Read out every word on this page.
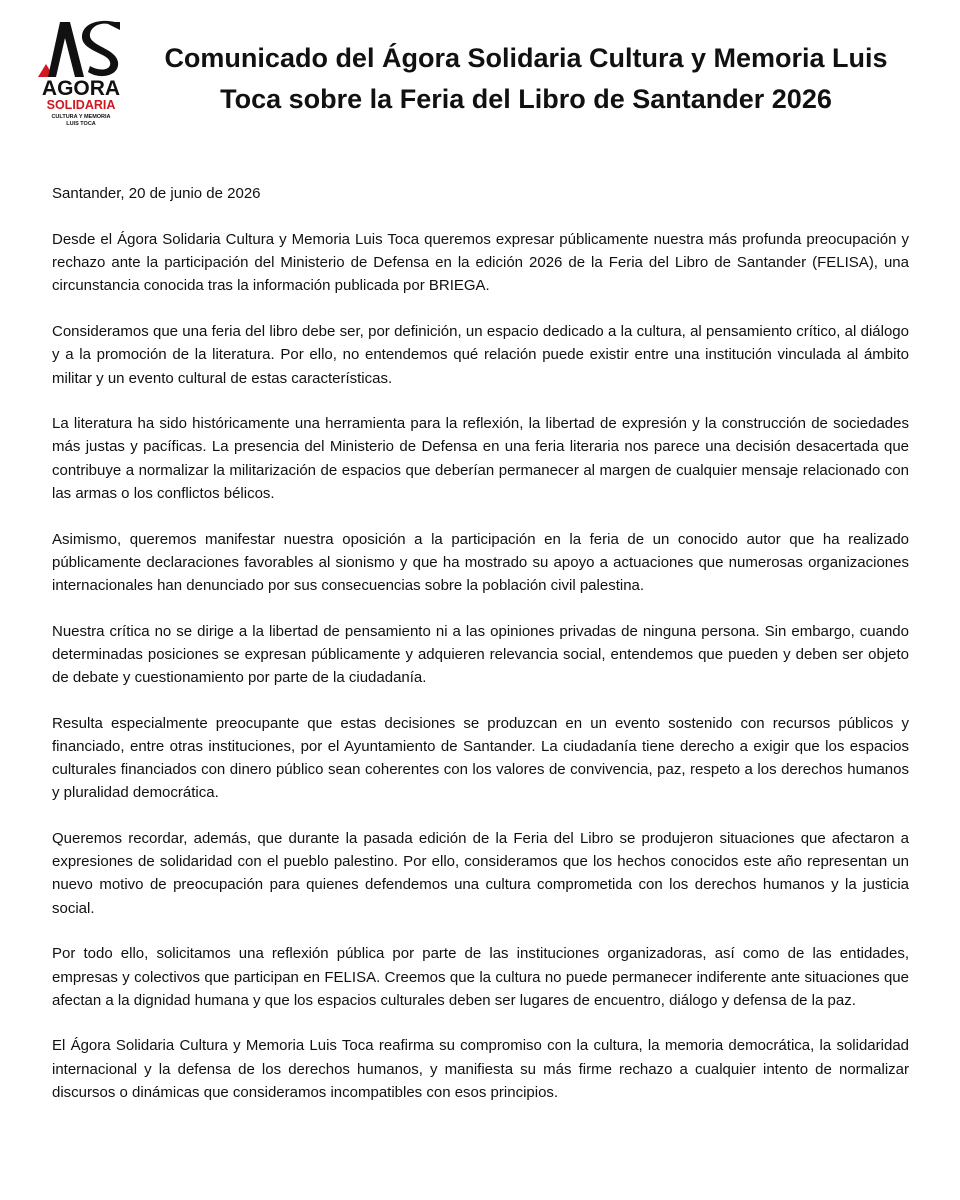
AGORA
SOLIDARIA
CULTURA Y MEMORIA
LUIS TOCA
Comunicado del Ágora Solidaria Cultura y Memoria Luis Toca sobre la Feria del Libro de Santander 2026

Santander, 20 de junio de 2026

Desde el Ágora Solidaria Cultura y Memoria Luis Toca queremos expresar públicamente nuestra más profunda preocupación y rechazo ante la participación del Ministerio de Defensa en la edición 2026 de la Feria del Libro de Santander (FELISA), una circunstancia conocida tras la información publicada por BRIEGA.

Consideramos que una feria del libro debe ser, por definición, un espacio dedicado a la cultura, al pensamiento crítico, al diálogo y a la promoción de la literatura. Por ello, no entendemos qué relación puede existir entre una institución vinculada al ámbito militar y un evento cultural de estas características.

La literatura ha sido históricamente una herramienta para la reflexión, la libertad de expresión y la construcción de sociedades más justas y pacíficas. La presencia del Ministerio de Defensa en una feria literaria nos parece una decisión desacertada que contribuye a normalizar la militarización de espacios que deberían permanecer al margen de cualquier mensaje relacionado con las armas o los conflictos bélicos.

Asimismo, queremos manifestar nuestra oposición a la participación en la feria de un conocido autor que ha realizado públicamente declaraciones favorables al sionismo y que ha mostrado su apoyo a actuaciones que numerosas organizaciones internacionales han denunciado por sus consecuencias sobre la población civil palestina.

Nuestra crítica no se dirige a la libertad de pensamiento ni a las opiniones privadas de ninguna persona. Sin embargo, cuando determinadas posiciones se expresan públicamente y adquieren relevancia social, entendemos que pueden y deben ser objeto de debate y cuestionamiento por parte de la ciudadanía.

Resulta especialmente preocupante que estas decisiones se produzcan en un evento sostenido con recursos públicos y financiado, entre otras instituciones, por el Ayuntamiento de Santander. La ciudadanía tiene derecho a exigir que los espacios culturales financiados con dinero público sean coherentes con los valores de convivencia, paz, respeto a los derechos humanos y pluralidad democrática.

Queremos recordar, además, que durante la pasada edición de la Feria del Libro se produjeron situaciones que afectaron a expresiones de solidaridad con el pueblo palestino. Por ello, consideramos que los hechos conocidos este año representan un nuevo motivo de preocupación para quienes defendemos una cultura comprometida con los derechos humanos y la justicia social.

Por todo ello, solicitamos una reflexión pública por parte de las instituciones organizadoras, así como de las entidades, empresas y colectivos que participan en FELISA. Creemos que la cultura no puede permanecer indiferente ante situaciones que afectan a la dignidad humana y que los espacios culturales deben ser lugares de encuentro, diálogo y defensa de la paz.

El Ágora Solidaria Cultura y Memoria Luis Toca reafirma su compromiso con la cultura, la memoria democrática, la solidaridad internacional y la defensa de los derechos humanos, y manifiesta su más firme rechazo a cualquier intento de normalizar discursos o dinámicas que consideramos incompatibles con esos principios.
